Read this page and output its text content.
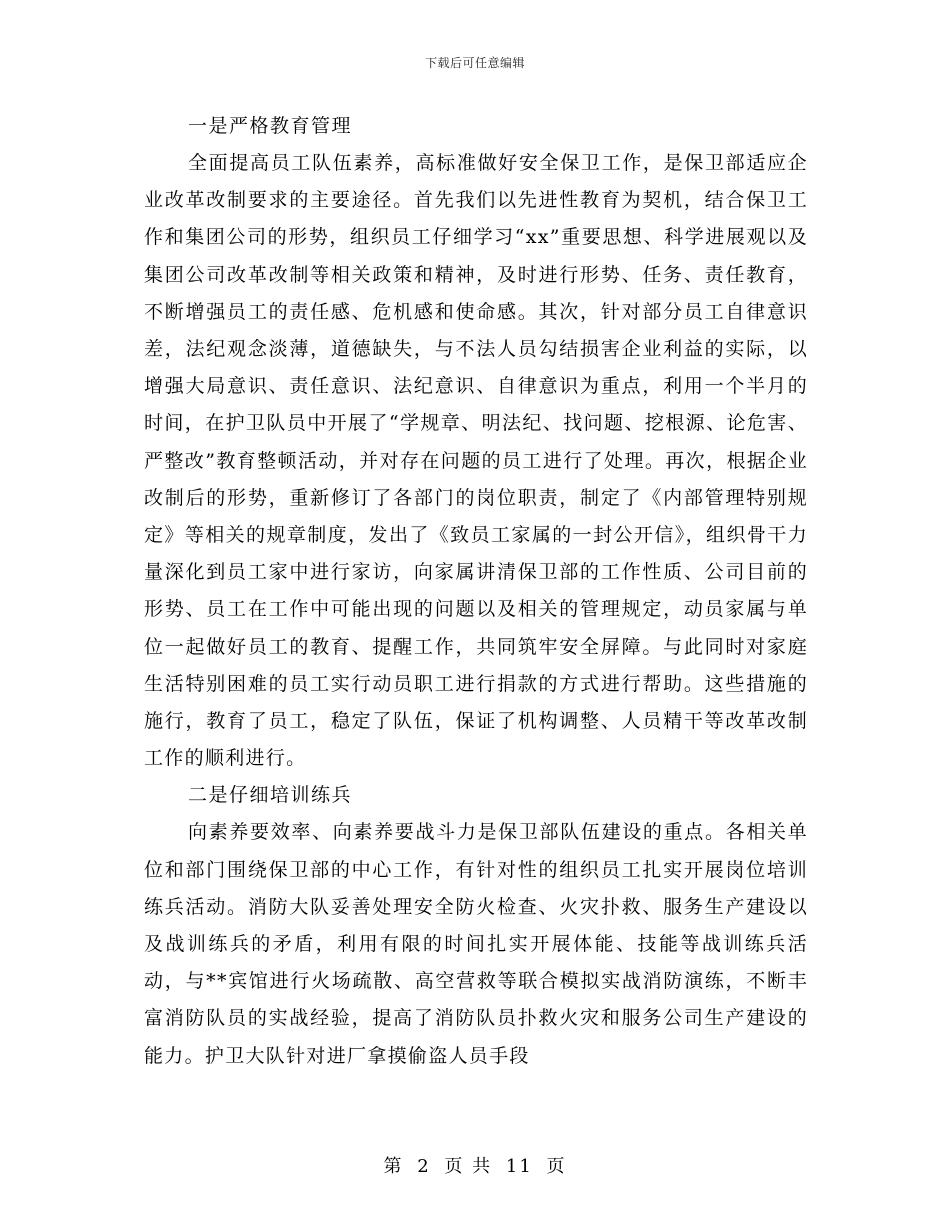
下载后可任意编辑

一是严格教育管理

全面提高员工队伍素养，高标准做好安全保卫工作，是保卫部适应企业改革改制要求的主要途径。首先我们以先进性教育为契机，结合保卫工作和集团公司的形势，组织员工仔细学习“xx”重要思想、科学进展观以及集团公司改革改制等相关政策和精神，及时进行形势、任务、责任教育，不断增强员工的责任感、危机感和使命感。其次，针对部分员工自律意识差，法纪观念淡薄，道德缺失，与不法人员勾结损害企业利益的实际，以增强大局意识、责任意识、法纪意识、自律意识为重点，利用一个半月的时间，在护卫队员中开展了“学规章、明法纪、找问题、挖根源、论危害、严整改”教育整顿活动，并对存在问题的员工进行了处理。再次，根据企业改制后的形势，重新修订了各部门的岗位职责，制定了《内部管理特别规定》等相关的规章制度，发出了《致员工家属的一封公开信》，组织骨干力量深化到员工家中进行家访，向家属讲清保卫部的工作性质、公司目前的形势、员工在工作中可能出现的问题以及相关的管理规定，动员家属与单位一起做好员工的教育、提醒工作，共同筑牢安全屏障。与此同时对家庭生活特别困难的员工实行动员职工进行捐款的方式进行帮助。这些措施的施行，教育了员工，稳定了队伍，保证了机构调整、人员精干等改革改制工作的顺利进行。

二是仔细培训练兵

向素养要效率、向素养要战斗力是保卫部队伍建设的重点。各相关单位和部门围绕保卫部的中心工作，有针对性的组织员工扎实开展岗位培训练兵活动。消防大队妥善处理安全防火检查、火灾扑救、服务生产建设以及战训练兵的矛盾，利用有限的时间扎实开展体能、技能等战训练兵活动，与**宾馆进行火场疏散、高空营救等联合模拟实战消防演练，不断丰富消防队员的实战经验，提高了消防队员扑救火灾和服务公司生产建设的能力。护卫大队针对进厂拿摸偷盗人员手段

第 2 页 共 11 页
